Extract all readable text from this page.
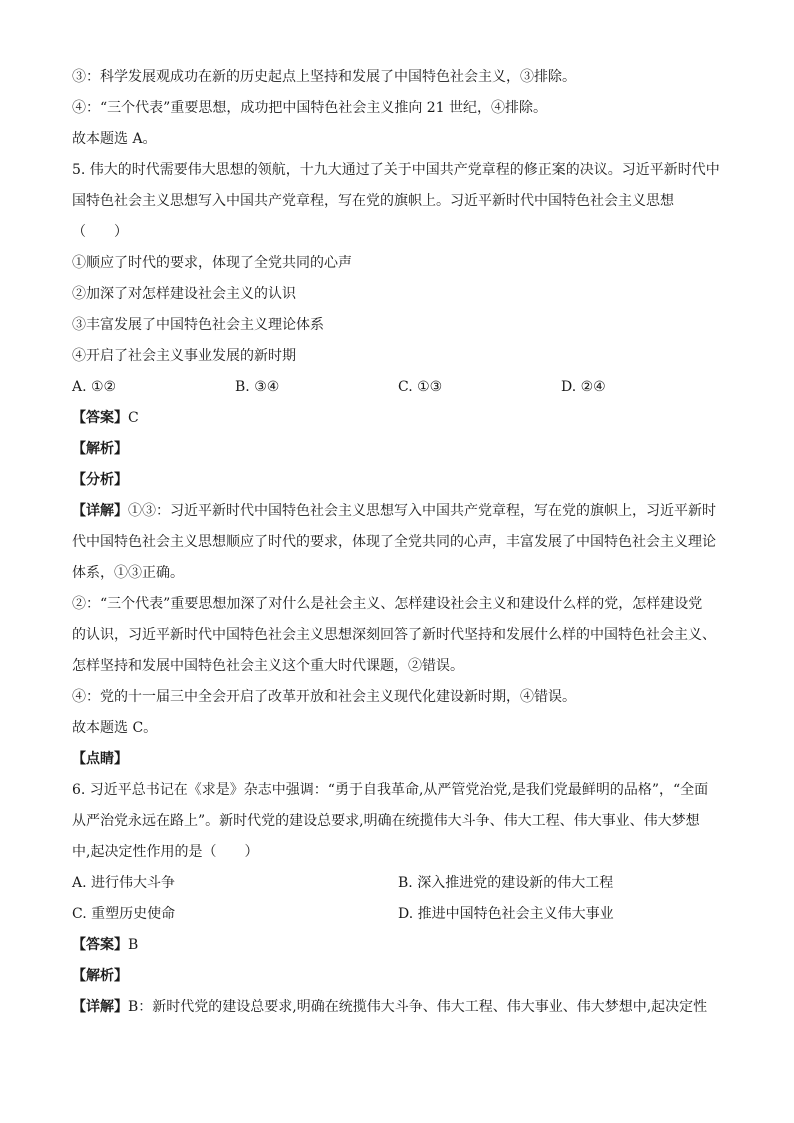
③：科学发展观成功在新的历史起点上坚持和发展了中国特色社会主义，③排除。
④：“三个代表”重要思想，成功把中国特色社会主义推向 21 世纪，④排除。
故本题选 A。
5. 伟大的时代需要伟大思想的领航，十九大通过了关于中国共产党章程的修正案的决议。习近平新时代中
国特色社会主义思想写入中国共产党章程，写在党的旗帜上。习近平新时代中国特色社会主义思想
（　　）
①顺应了时代的要求，体现了全党共同的心声
②加深了对怎样建设社会主义的认识
③丰富发展了中国特色社会主义理论体系
④开启了社会主义事业发展的新时期
A. ①②	B. ③④	C. ①③	D. ②④
【答案】C
【解析】
【分析】
【详解】①③：习近平新时代中国特色社会主义思想写入中国共产党章程，写在党的旗帜上，习近平新时
代中国特色社会主义思想顺应了时代的要求，体现了全党共同的心声，丰富发展了中国特色社会主义理论
体系，①③正确。
②：“三个代表”重要思想加深了对什么是社会主义、怎样建设社会主义和建设什么样的党，怎样建设党
的认识，习近平新时代中国特色社会主义思想深刻回答了新时代坚持和发展什么样的中国特色社会主义、
怎样坚持和发展中国特色社会主义这个重大时代课题，②错误。
④：党的十一届三中全会开启了改革开放和社会主义现代化建设新时期，④错误。
故本题选 C。
【点睛】
6. 习近平总书记在《求是》杂志中强调：“勇于自我革命,从严管党治党,是我们党最鲜明的品格”，“全面
从严治党永远在路上”。新时代党的建设总要求,明确在统揽伟大斗争、伟大工程、伟大事业、伟大梦想
中,起决定性作用的是（　　）
A. 进行伟大斗争	B. 深入推进党的建设新的伟大工程
C. 重塑历史使命	D. 推进中国特色社会主义伟大事业
【答案】B
【解析】
【详解】B：新时代党的建设总要求,明确在统揽伟大斗争、伟大工程、伟大事业、伟大梦想中,起决定性
